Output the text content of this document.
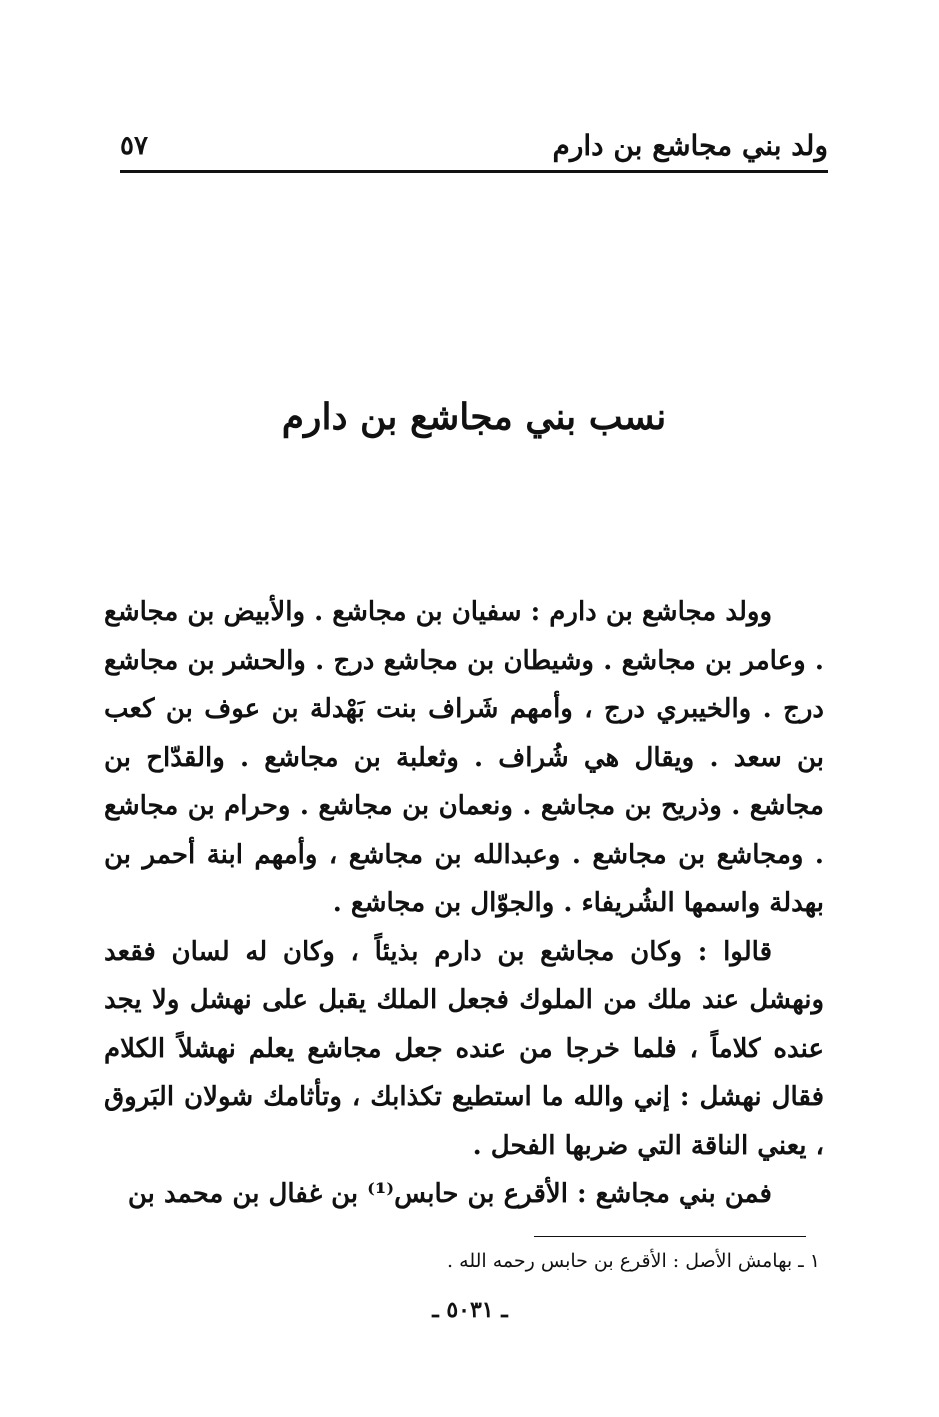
ولد بني مجاشع بن دارم
٥٧
نسب بني مجاشع بن دارم

وولد مجاشع بن دارم : سفيان بن مجاشع . والأبيض بن مجاشع . وعامر بن مجاشع . وشيطان بن مجاشع درج . والحشر بن مجاشع درج . والخيبري درج ، وأمهم شَراف بنت بَهْدلة بن عوف بن كعب بن سعد . ويقال هي شُراف . وثعلبة بن مجاشع . والقدّاح بن مجاشع . وذريح بن مجاشع . ونعمان بن مجاشع . وحرام بن مجاشع . ومجاشع بن مجاشع . وعبدالله بن مجاشع ، وأمهم ابنة أحمر بن بهدلة واسمها الشُريفاء . والجوّال بن مجاشع .

قالوا : وكان مجاشع بن دارم بذيئاً ، وكان له لسان فقعد ونهشل عند ملك من الملوك فجعل الملك يقبل على نهشل ولا يجد عنده كلاماً ، فلما خرجا من عنده جعل مجاشع يعلم نهشلاً الكلام فقال نهشل : إني والله ما استطيع تكذابك ، وتأثامك شولان البَروق ، يعني الناقة التي ضربها الفحل .

فمن بني مجاشع : الأقرع بن حابس⁽¹⁾ بن غفال بن محمد بن

١ ـ بهامش الأصل : الأقرع بن حابس رحمه الله .
ـ ٥٠٣١ ـ
